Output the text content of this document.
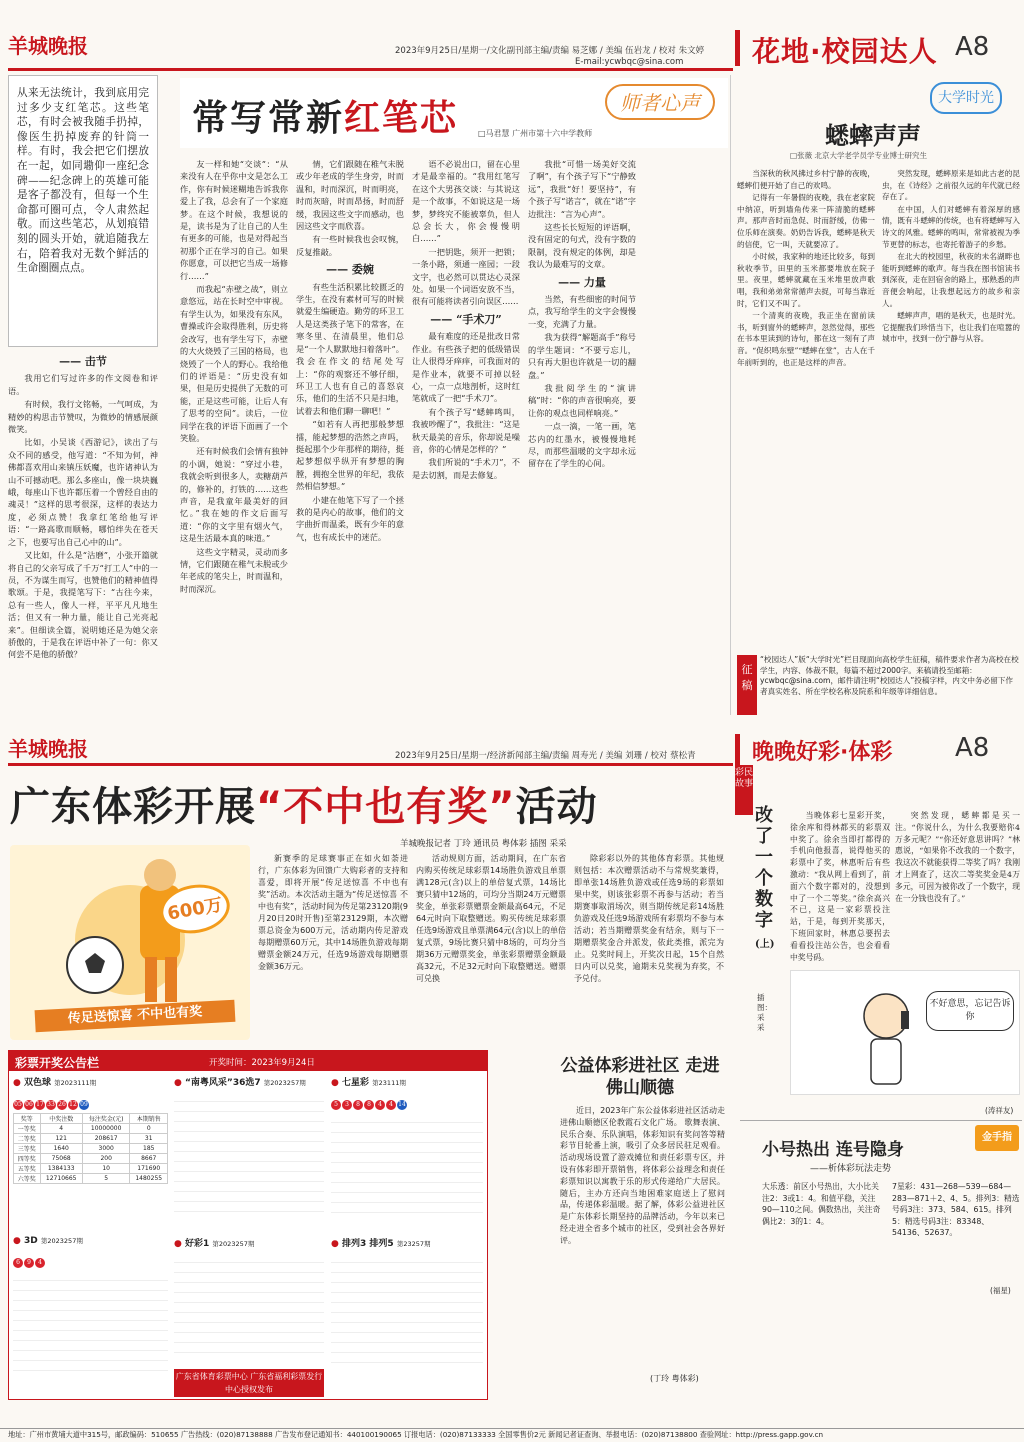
羊城晚报	2023年9月25日/星期一/文化副刊部主编/责编 易芝娜 / 美编 伍岩龙 / 校对 朱文婷
E-mail:ycwbqc@sina.com 花地·校园达人 A8
从来无法统计，我到底用完过多少支红笔芯。这些笔芯，有时会被我随手扔掉，像医生扔掉废弃的针筒一样。有时，我会把它们摆放在一起，如同墈仰一座纪念碑——纪念碑上的英雄可能是客子都没有，但每一个生命都可圈可点，令人肃然起敬。而这些笔芯，从划痕错刻的圆头开始，就追随我左右，陪着我对无数个鲜活的生命圈圈点点。
—— 击节

我用它们写过许多的作文阅卷和评语。

有时候，我行文铭畅，一气呵成，为精妙的构思击节赞叹，为微妙的情感展颜微笑。

比如，小吴谈《西游记》，读出了与众不同的感受，他写道：“不知为何，神佛都喜欢用山来镇压妖魔，也许诸神认为山不可撼动吧。那么多座山，像一块块巍峨，每座山下也许都压着一个曾经自由的魂灵！”这样的思考很深，这样的表达力度，必须点赞！我拿红笔给他写评语：“一路高歌而顺畅，哪怕绊失在苍天之下，也要写出自己心中的山”。

又比如，什么是“沾磨”，小张开篇就将自己的父亲写成了千万“打工人”中的一员，不为谋生而写，也赞他们的精神值得歌颂。于是，我提笔写下：“古往今来，总有一些人，像人一样，平平凡凡地生活；但又有一种力量，能让自己光亮起来”。但细读全篇，说明她还是为她父亲骄傲的，于是我在评语中补了一句：你又何尝不是他的骄傲？

常写常新红笔芯 □马君慧 广州市第十六中学教师
师者心声

友一样和她“交谈”：“从来没有人在乎你中文是怎么工作，你有时候迷糊地告诉我你爱上了我，总会有了一个家庭梦。在这个时候，我想说的是，读书是为了让自己的人生有更多的可能，也是对得起当初那个正在学习的自己。如果你愿意，可以把它当成一场修行……”

而我起“赤壁之战”，则立意悠远，站在长时空中审视。有学生认为，如果没有东风，曹操或许会取得胜利，历史将会改写，也有学生写下，赤壁的大火烧毁了三国的格局，也烧毁了一个人的野心。我给他们的评语是：“历史没有如果，但是历史提供了无数的可能，正是这些可能，让后人有了思考的空间”。读后，一位同学在我的评语下面画了一个笑脸。

还有时候我们会情有独钟的小调，她说：“穿过小巷，我就会听到很多人，卖糖葫芦的，修补的，打铁的……这些声音，是我童年最美好的回忆。”我在她的作文后面写道：“你的文字里有烟火气，这是生活最本真的味道。”

这些文字精灵，灵动而多情，它们跟随在稚气未脱或少年老成的笔尖上，时而温和，时而深沉。

情，它们跟随在稚气未脱或少年老成的学生身旁，时而温和，时而深沉，时而明亮，时而灰暗，时而昂扬，时而舒缓，我因这些文字而感动，也因这些文字而欣喜。

有一些时候我也会叹惋，反复推敲。

—— 委婉

有些生活积累比较匮乏的学生，在没有素材可写的时候就爱生编硬造。勤劳的环卫工人是这类孩子笔下的常客，在寒冬里、在清晨里，他们总是“一个人默默地扫着落叶”。我会在作文的结尾处写上：“你的观察还不够仔细，环卫工人也有自己的喜怒哀乐，他们的生活不只是扫地，试着去和他们聊一聊吧！”

“如若有人再把那般梦想擂，能起梦想的浩然之声吗，挺起那个少年那样的期待，挺起梦想似乎纵开有梦想的胸膛，拥抱全世界的年纪，我依然相信梦想。”

小建在他笔下写了一个拯救的是内心的故事，他们的文字曲折而温柔，既有少年的意气，也有成长中的迷茫。

语不必说出口，留在心里才是最幸福的。“我用红笔写在这个大男孩交谈：与其说这是一个故事，不如说这是一场梦，梦终究不能被辜负，但人总会长大，你会慢慢明白……”

一把钥匙，须开一把锁；一条小路，须通一座园；一段文字，也必然可以贯达心灵深处。如果一个词语安放不当，很有可能将读者引向误区……

—— “手术刀”

最有难度的还是批改日常作业。有些孩子把的低级错误让人很得牙痒痒，可我面对的是作业本，就要不可掉以轻心，一点一点地剖析，这时红笔就成了一把“手术刀”。

有个孩子写“蟋蟀鸣叫，我被吵醒了”，我批注：“这是秋天最美的音乐，你却说是噪音，你的心情是怎样的？”

我们所说的“手术刀”，不是去切割，而是去修复。

我批“可惜一场美好交流了啊”，有个孩子写下“宁静致远”，我批“好！要坚持”，有个孩子写“诺言”，就在“诺”字边批注：“言为心声”。

这些长长短短的评语啊，没有固定的句式，没有字数的限制，没有规定的体例，却是我认为最难写的文章。

—— 力量

当然，有些细密的时间节点，我写给学生的文字会慢慢一变，充满了力量。

我为获得“解题高手”称号的学生题词：“不要亏忘儿，只有再大胆也许就是一切的翻盘。”

我批阅学生的“演讲稿”时：“你的声音很响亮，要让你的观点也同样响亮。”

一点一滴，一笔一画，笔芯内的红墨水，被慢慢地耗尽，而那些温暖的文字却永远留存在了学生的心间。

大学时光
蟋蟀声声
□张薇 北京大学老学员学专业博士研究生

当深秋的秋风拂过乡村宁静的夜晚，蟋蟀们便开始了自己的欢鸣。

记得有一年暑假的夜晚，我在老家院中纳凉，听到墙角传来一阵清脆的蟋蟀声。那声音时而急促、时而舒缓，仿佛一位乐师在演奏。奶奶告诉我，蟋蟀是秋天的信使，它一叫，天就要凉了。

小时候，我家种的地还比较多，每到秋收季节，田里的玉米都要堆放在院子里。夜里，蟋蟀就藏在玉米堆里放声歌唱，我和弟弟常常循声去捉，可每当靠近时，它们又不叫了。

一个清爽的夜晚，我正坐在窗前读书，听到窗外的蟋蟀声，忽然觉得，那些在书本里读到的诗句，都在这一刻有了声音。“促织鸣东壁”“蟋蟀在堂”，古人在千年前听到的，也正是这样的声音。

突然发现，蟋蟀原来是如此古老的昆虫，在《诗经》之前很久远的年代就已经存在了。

在中国，人们对蟋蟀有着深厚的感情，既有斗蟋蟀的传统，也有将蟋蟀写入诗文的风雅。蟋蟀的鸣叫，常常被视为季节更替的标志，也寄托着游子的乡愁。

在北大的校园里，秋夜的未名湖畔也能听到蟋蟀的歌声。每当我在图书馆读书到深夜，走在回宿舍的路上，那熟悉的声音便会响起，让我想起远方的故乡和亲人。

蟋蟀声声，唱的是秋天，也是时光。它提醒我们珍惜当下，也让我们在喧嚣的城市中，找到一份宁静与从容。

征稿
“校园达人”版“大学时光”栏目现面向高校学生征稿，稿件要求作者为高校在校学生，内容、体裁不限，每篇不超过2000字。来稿请投至邮箱：ycwbqc@sina.com，邮件请注明“校园达人”投稿字样，内文中务必留下作者真实姓名、所在学校名称及院系和年级等详细信息。
羊城晚报	2023年9月25日/星期一/经济新闻部主编/责编 周寿光 / 美编 刘珊 / 校对 蔡松青	晚晚好彩·体彩 A8
广东体彩开展“不中也有奖”活动
羊城晚报记者 丁玲 通讯员 粤体彩 插图 采采
600万
传足送惊喜 不中也有奖

新赛季的足球赛事正在如火如荼进行，广东体彩为回馈广大购彩者的支持和喜爱，即将开展“传足送惊喜 不中也有奖”活动。本次活动主题为“传足送惊喜 不中也有奖”，活动时间为传足第23120期(9月20日20时开售)至第23129期，本次赠票总资金为600万元，活动期内传足游戏每期赠票60万元，其中14场胜负游戏每期赠票金额24万元，任选9场游戏每期赠票金额36万元。

活动规则方面，活动期间，在广东省内购买传统足球彩票14场胜负游戏且单票满128元(含)以上的单倍复式票，14场比赛只猜中12场的，可均分当期24万元赠票奖金，单张彩票赠票金额最高64元，不足64元时向下取整赠送。购买传统足球彩票任选9场游戏且单票满64元(含)以上的单倍复式票，9场比赛只猜中8场的，可均分当期36万元赠票奖金，单张彩票赠票金额最高32元，不足32元时向下取整赠送。赠票可兑换

除彩彩以外的其他体育彩票。其他规则包括：本次赠票活动不与常规奖兼得，即单张14场胜负游戏或任选9场的彩票如果中奖，则该张彩票不再参与活动；若当期赛事取消场次，则当期传统足彩14场胜负游戏及任选9场游戏所有彩票均不参与本活动；若当期赠票奖金有结余，则与下一期赠票奖金合并派发，依此类推，派完为止。兑奖时间上，开奖次日起，15个自然日内可以兑奖，逾期未兑奖视为弃奖，不予兑付。

彩票开奖公告栏	开奖时间：2023年9月24日
● 双色球 第2023111期
05 06 17 33 26 12 09
奖等	中奖注数	每注奖金(元)	本期销售
一等奖	4	10000000	0
二等奖	121	208617	31
三等奖	1640	3000	185
四等奖	75068	200	8667
五等奖	1384133	10	171690
六等奖	12710665	5	1480255
● 3D 第2023257期
6 9 4
● “南粤风采”36选7 第2023257期
● 好彩1 第2023257期
● 七星彩 第23111期
5 3 8 8 4 4 14
● 排列3 排列5 第23257期
广东省体育彩票中心 广东省福利彩票发行中心授权发布
公益体彩进社区 走进佛山顺德

近日，2023年广东公益体彩进社区活动走进佛山顺德区伦教霞石文化广场。 歌舞表演、民乐合奏、乐队演唱，体彩知识有奖问答等精彩节目轮番上演，吸引了众多居民驻足观看。活动现场设置了游戏摊位和责任彩票专区，并设有体彩即开票销售，将体彩公益理念和责任彩票知识以寓教于乐的形式传递给广大居民。随后，主办方还向当地困难家庭送上了慰问品，传递体彩温暖。据了解，体彩公益进社区是广东体彩长期坚持的品牌活动，今年以来已经走进全省多个城市的社区，受到社会各界好评。

(丁玲 粤体彩)
彩民故事
改了一个数字(上)
插图：采采

当晚体彩七星彩开奖，徐余库和得林都买的彩票双中奖了。徐余当即打都得的手机向他报喜，说得他买的彩票中了奖，林惠听后有些激动：“我从网上看到了，前面六个数字都对的，没想到中了一个二等奖。”徐余高兴不已，这是一家彩票投注站，于是，每到开奖那天，下班回家时，林惠总要拐去看看投注站公告，也会看看中奖号码。

突然发现，蟋蟀都是买一注。“你说什么，为什么我要赔你4万多元呢？”“你还好意思讲吗？”林惠说，“如果你不改我的一个数字，我这次不就能获得二等奖了吗？我刚才上网查了，这次二等奖奖金是4万多元，可因为被你改了一个数字，现在一分钱也没有了。”

不好意思，忘记告诉你
(涛祥友)
金手指
小号热出 连号隐身
——析体彩玩法走势
大乐透：前区小号热出，大小比关注2：3或1：4。和值平稳，关注90—110之间。偶数热出，关注奇偶比2：3的1：4。
7星彩：431—268—539—684—283—871＋2、4、5。排列3：精选号码3注：373、584、615。排列5：精选号码3注：83348、54136、52637。
(福星)
地址：广州市黄埔大道中315号，邮政编码：510655 广告热线：(020)87138888 广告发布登记通知书：440100190065 订报电话：(020)87133333 全国零售价2元 新闻记者证查询、举报电话：(020)87138800 查验网址：http://press.gapp.gov.cn
